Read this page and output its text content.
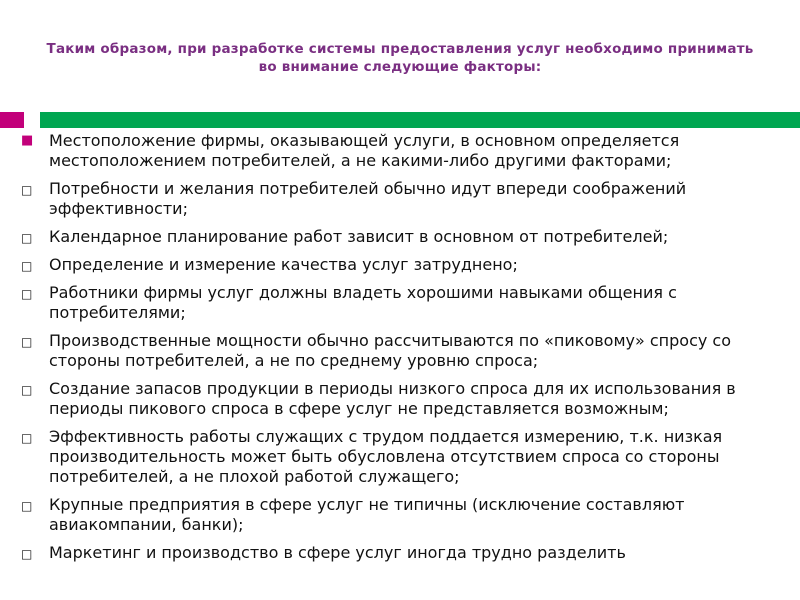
Таким образом, при разработке системы предоставления услуг необходимо принимать во внимание следующие факторы:
■ Местоположение фирмы, оказывающей услуги, в основном определяется местоположением потребителей, а не какими-либо другими факторами;
□ Потребности и желания потребителей обычно идут впереди соображений эффективности;
□ Календарное планирование работ зависит в основном от потребителей;
□ Определение и измерение качества услуг затруднено;
□ Работники фирмы услуг должны владеть хорошими навыками общения с потребителями;
□ Производственные мощности обычно рассчитываются по «пиковому» спросу со стороны потребителей, а не по среднему уровню спроса;
□ Создание запасов продукции в периоды низкого спроса для их использования в периоды пикового спроса в сфере услуг не представляется возможным;
□ Эффективность работы служащих с трудом поддается измерению, т.к. низкая производительность может быть обусловлена отсутствием спроса со стороны потребителей, а не плохой работой служащего;
□ Крупные предприятия в сфере услуг не типичны (исключение составляют авиакомпании, банки);
□ Маркетинг и производство в сфере услуг иногда трудно разделить
